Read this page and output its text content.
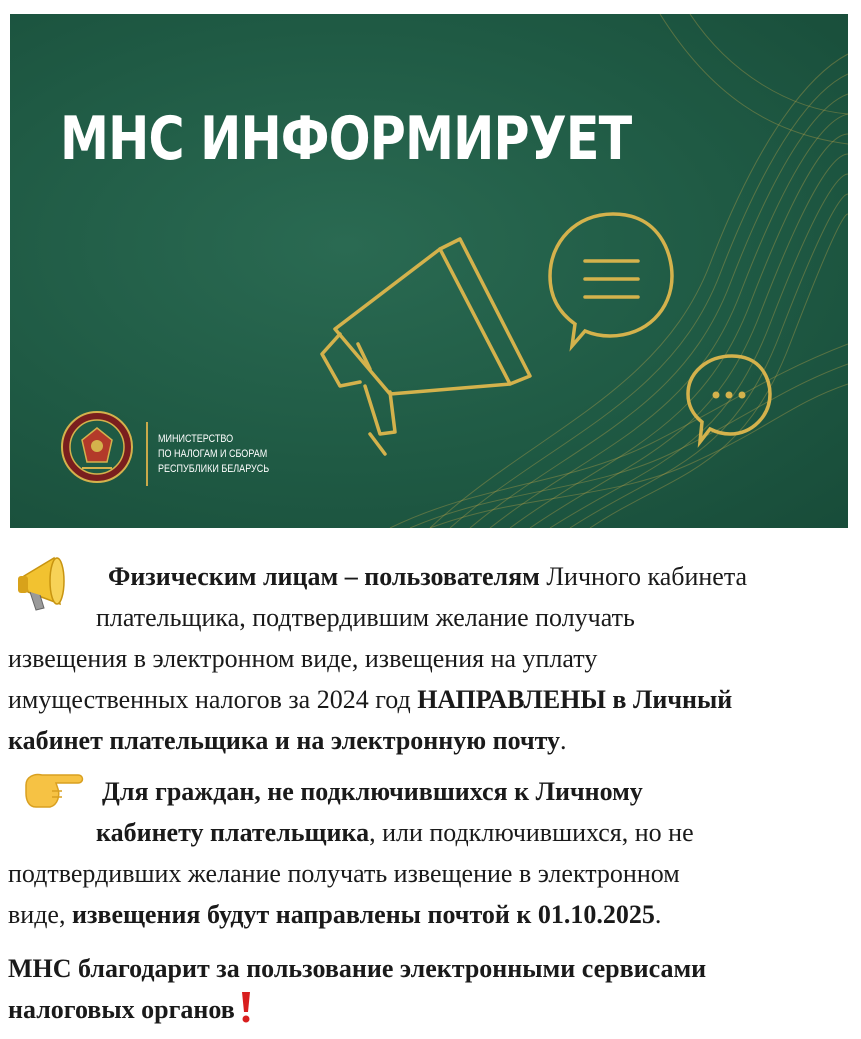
МНС ИНФОРМИРУЕТ
МИНИСТЕРСТВО
ПО НАЛОГАМ И СБОРАМ
РЕСПУБЛИКИ БЕЛАРУСЬ

Физическим лицам – пользователям Личного кабинета
плательщика, подтвердившим желание получать
извещения в электронном виде, извещения на уплату
имущественных налогов за 2024 год НАПРАВЛЕНЫ в Личный
кабинет плательщика и на электронную почту.

Для граждан, не подключившихся к Личному
кабинету плательщика, или подключившихся, но не
подтвердивших желание получать извещение в электронном
виде, извещения будут направлены почтой к 01.10.2025.

МНС благодарит за пользование электронными сервисами
налоговых органов
